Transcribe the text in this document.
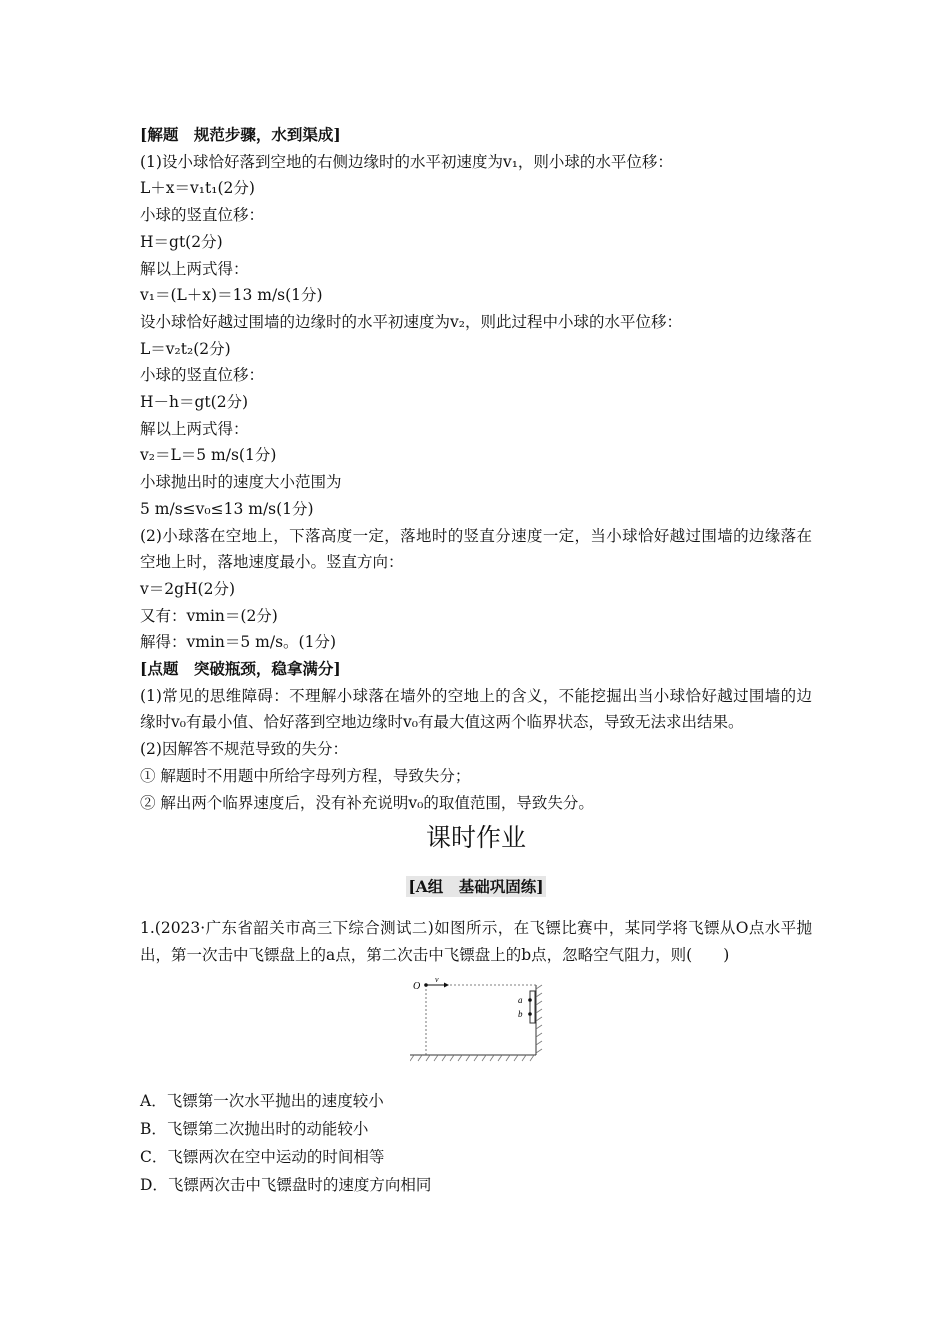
[解题　规范步骤，水到渠成]

(1)设小球恰好落到空地的右侧边缘时的水平初速度为v₁，则小球的水平位移：

L＋x＝v₁t₁(2分)

小球的竖直位移：

H＝gt(2分)

解以上两式得：

v₁＝(L＋x)＝13 m/s(1分)

设小球恰好越过围墙的边缘时的水平初速度为v₂，则此过程中小球的水平位移：

L＝v₂t₂(2分)

小球的竖直位移：

H－h＝gt(2分)

解以上两式得：

v₂＝L＝5 m/s(1分)

小球抛出时的速度大小范围为

5 m/s≤v₀≤13 m/s(1分)

(2)小球落在空地上，下落高度一定，落地时的竖直分速度一定，当小球恰好越过围墙的边缘落在空地上时，落地速度最小。竖直方向：

v＝2gH(2分)

又有：vmin＝(2分)

解得：vmin＝5 m/s。(1分)

[点题　突破瓶颈，稳拿满分]

(1)常见的思维障碍：不理解小球落在墙外的空地上的含义，不能挖掘出当小球恰好越过围墙的边缘时v₀有最小值、恰好落到空地边缘时v₀有最大值这两个临界状态，导致无法求出结果。

(2)因解答不规范导致的失分：

① 解题时不用题中所给字母列方程，导致失分；

② 解出两个临界速度后，没有补充说明v₀的取值范围，导致失分。

课时作业

[A组　基础巩固练]

1.(2023·广东省韶关市高三下综合测试二)如图所示，在飞镖比赛中，某同学将飞镖从O点水平抛出，第一次击中飞镖盘上的a点，第二次击中飞镖盘上的b点，忽略空气阻力，则(　　)

O
v
a
b

A．飞镖第一次水平抛出的速度较小

B．飞镖第二次抛出时的动能较小

C．飞镖两次在空中运动的时间相等

D．飞镖两次击中飞镖盘时的速度方向相同
